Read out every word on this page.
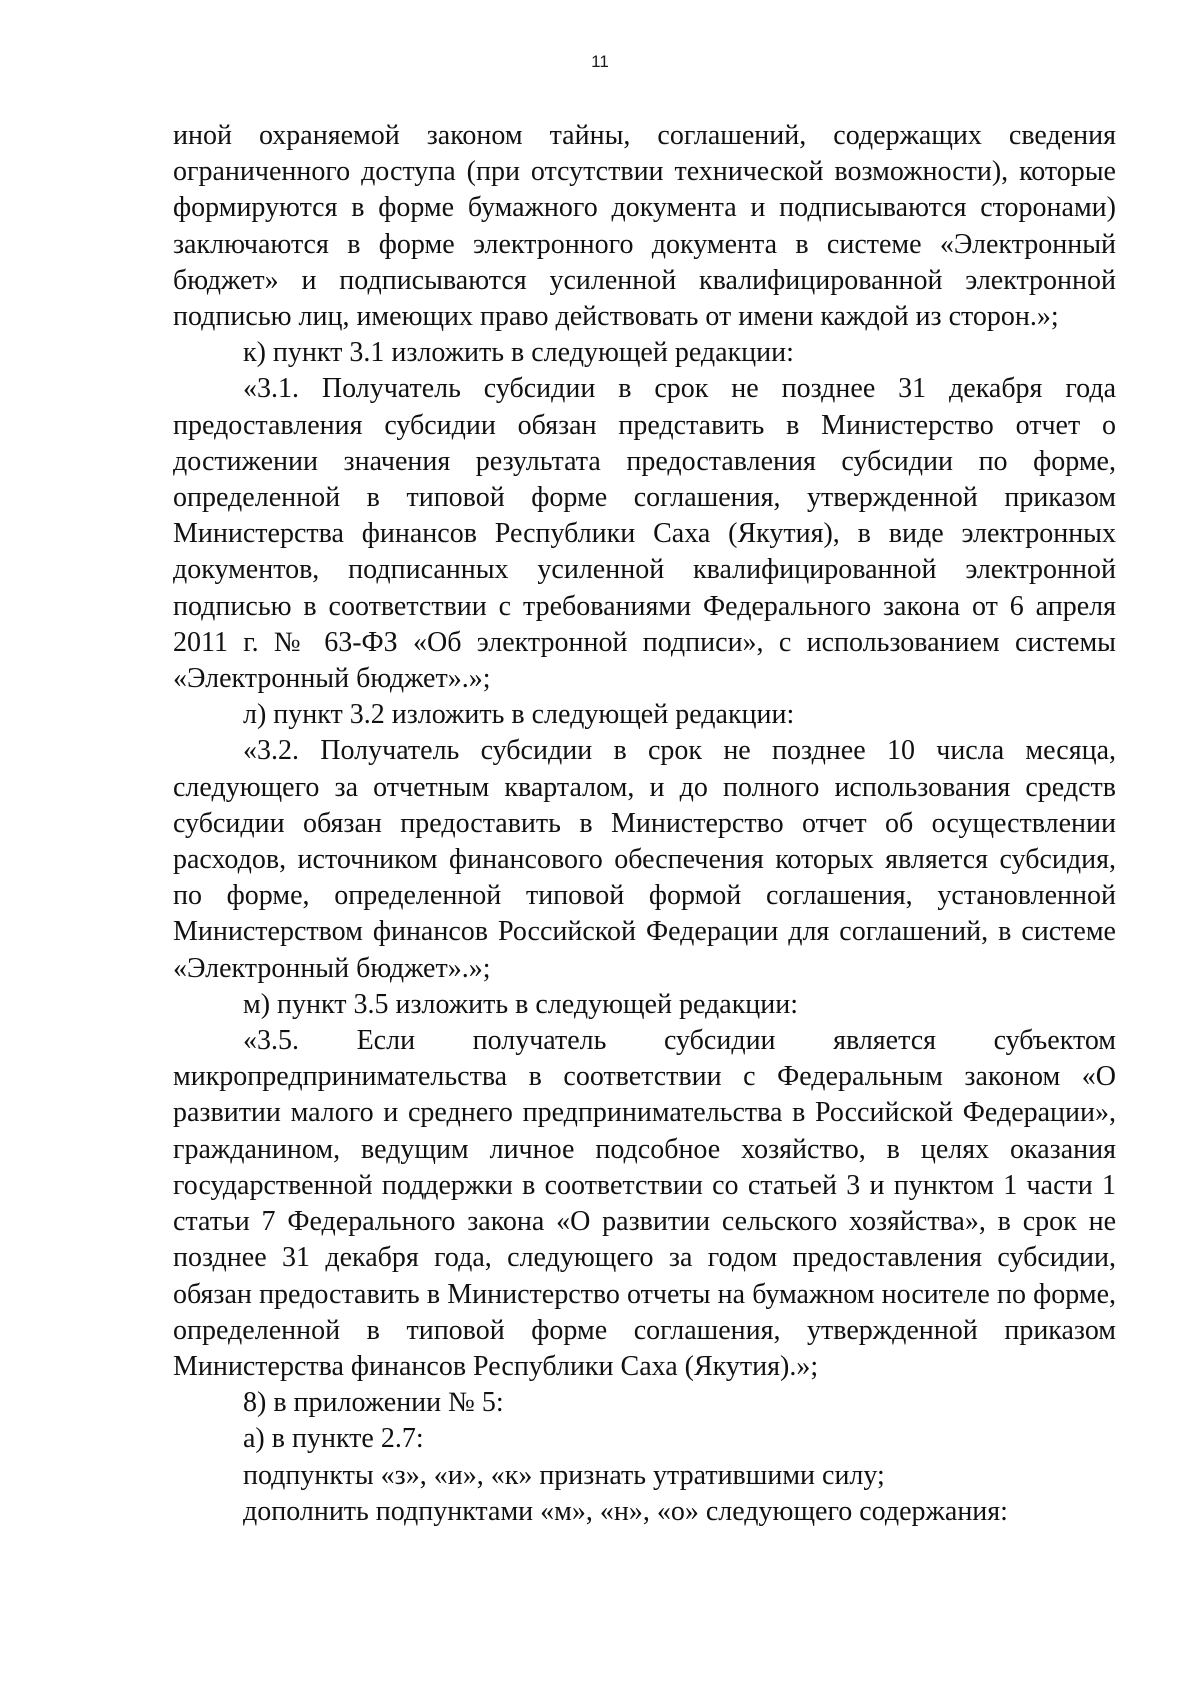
11

иной охраняемой законом тайны, соглашений, содержащих сведения ограниченного доступа (при отсутствии технической возможности), которые формируются в форме бумажного документа и подписываются сторонами) заключаются в форме электронного документа в системе «Электронный бюджет» и подписываются усиленной квалифицированной электронной подписью лиц, имеющих право действовать от имени каждой из сторон.»;

к) пункт 3.1 изложить в следующей редакции:

«3.1. Получатель субсидии в срок не позднее 31 декабря года предоставления субсидии обязан представить в Министерство отчет о достижении значения результата предоставления субсидии по форме, определенной в типовой форме соглашения, утвержденной приказом Министерства финансов Республики Саха (Якутия), в виде электронных документов, подписанных усиленной квалифицированной электронной подписью в соответствии с требованиями Федерального закона от 6 апреля 2011 г. № 63-ФЗ «Об электронной подписи», с использованием системы «Электронный бюджет».»;

л) пункт 3.2 изложить в следующей редакции:

«3.2. Получатель субсидии в срок не позднее 10 числа месяца, следующего за отчетным кварталом, и до полного использования средств субсидии обязан предоставить в Министерство отчет об осуществлении расходов, источником финансового обеспечения которых является субсидия, по форме, определенной типовой формой соглашения, установленной Министерством финансов Российской Федерации для соглашений, в системе «Электронный бюджет».»;

м) пункт 3.5 изложить в следующей редакции:

«3.5. Если получатель субсидии является субъектом микропредпринимательства в соответствии с Федеральным законом «О развитии малого и среднего предпринимательства в Российской Федерации», гражданином, ведущим личное подсобное хозяйство, в целях оказания государственной поддержки в соответствии со статьей 3 и пунктом 1 части 1 статьи 7 Федерального закона «О развитии сельского хозяйства», в срок не позднее 31 декабря года, следующего за годом предоставления субсидии, обязан предоставить в Министерство отчеты на бумажном носителе по форме, определенной в типовой форме соглашения, утвержденной приказом Министерства финансов Республики Саха (Якутия).»;

8) в приложении № 5:

а) в пункте 2.7:

подпункты «з», «и», «к» признать утратившими силу;

дополнить подпунктами «м», «н», «о» следующего содержания:
